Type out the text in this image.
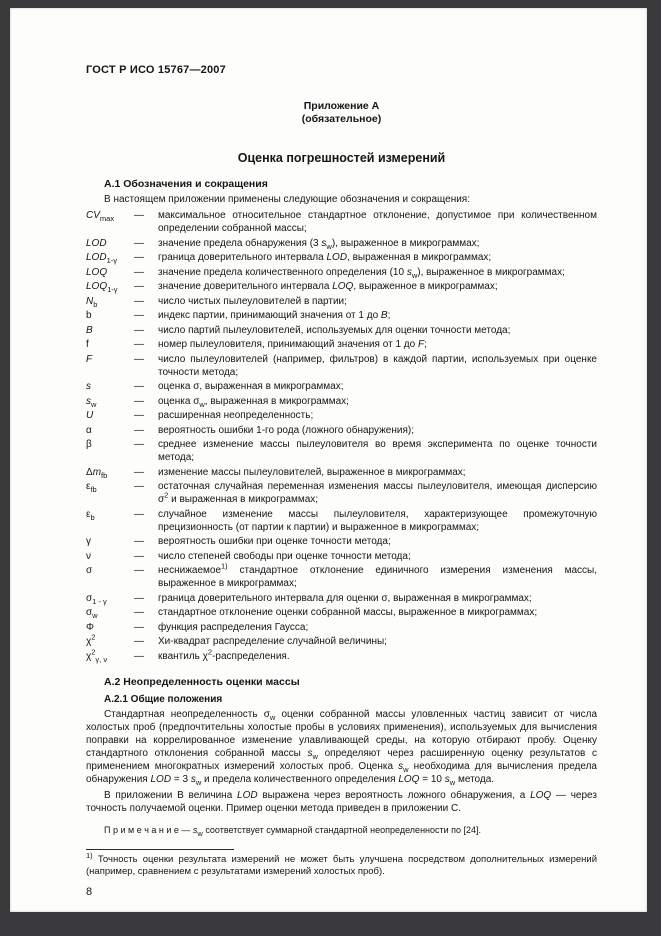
ГОСТ Р ИСО 15767—2007
Приложение А
(обязательное)
Оценка погрешностей измерений
А.1 Обозначения и сокращения

В настоящем приложении применены следующие обозначения и сокращения:

$CV_{max}$	—	максимальное относительное стандартное отклонение, допустимое при количественном определении собранной массы;
LOD	—	значение предела обнаружения (3 $s_w$), выраженное в микрограммах;
$LOD_{1-\gamma}$	—	граница доверительного интервала LOD, выраженная в микрограммах;
LOQ	—	значение предела количественного определения (10 $s_w$), выраженное в микрограммах;
$LOQ_{1-\gamma}$	—	значение доверительного интервала LOQ, выраженное в микрограммах;
$N_b$	—	число чистых пылеуловителей в партии;
b	—	индекс партии, принимающий значения от 1 до B;
B	—	число партий пылеуловителей, используемых для оценки точности метода;
f	—	номер пылеуловителя, принимающий значения от 1 до F;
F	—	число пылеуловителей (например, фильтров) в каждой партии, используемых при оценке точности метода;
s	—	оценка σ, выраженная в микрограммах;
$s_w$	—	оценка $\sigma_w$, выраженная в микрограммах;
U	—	расширенная неопределенность;
α	—	вероятность ошибки 1-го рода (ложного обнаружения);
β	—	среднее изменение массы пылеуловителя во время эксперимента по оценке точности метода;
$\Delta m_{fb}$	—	изменение массы пылеуловителей, выраженное в микрограммах;
$\varepsilon_{fb}$	—	остаточная случайная переменная изменения массы пылеуловителя, имеющая дисперсию $\sigma^2$ и выраженная в микрограммах;
$\varepsilon_b$	—	случайное изменение массы пылеуловителя, характеризующее промежуточную прецизионность (от партии к партии) и выраженное в микрограммах;
γ	—	вероятность ошибки при оценке точности метода;
ν	—	число степеней свободы при оценке точности метода;
σ	—	неснижаемое$^{1)}$ стандартное отклонение единичного измерения изменения массы, выраженное в микрограммах;
$\sigma_{1 - \gamma}$	—	граница доверительного интервала для оценки σ, выраженная в микрограммах;
$\sigma_w$	—	стандартное отклонение оценки собранной массы, выраженное в микрограммах;
Φ	—	функция распределения Гаусса;
$\chi^2$	—	Хи-квадрат распределение случайной величины;
$\chi^2_{\gamma, \nu}$	—	квантиль $\chi^2$-распределения.
А.2 Неопределенность оценки массы
А.2.1 Общие положения

Стандартная неопределенность $\sigma_w$ оценки собранной массы уловленных частиц зависит от числа холостых проб (предпочтительны холостые пробы в условиях применения), используемых для вычисления поправки на коррелированное изменение улавливающей среды, на которую отбирают пробу. Оценку стандартного отклонения собранной массы $s_w$ определяют через расширенную оценку результатов с применением многократных измерений холостых проб. Оценка $s_w$ необходима для вычисления предела обнаружения LOD = 3 $s_w$ и предела количественного определения LOQ = 10 $s_w$ метода.

В приложении В величина LOD выражена через вероятность ложного обнаружения, а LOQ — через точность получаемой оценки. Пример оценки метода приведен в приложении С.

П р и м е ч а н и е — $s_w$ соответствует суммарной стандартной неопределенности по [24].

$^{1)}$ Точность оценки результата измерений не может быть улучшена посредством дополнительных измерений (например, сравнением с результатами измерений холостых проб).

8
